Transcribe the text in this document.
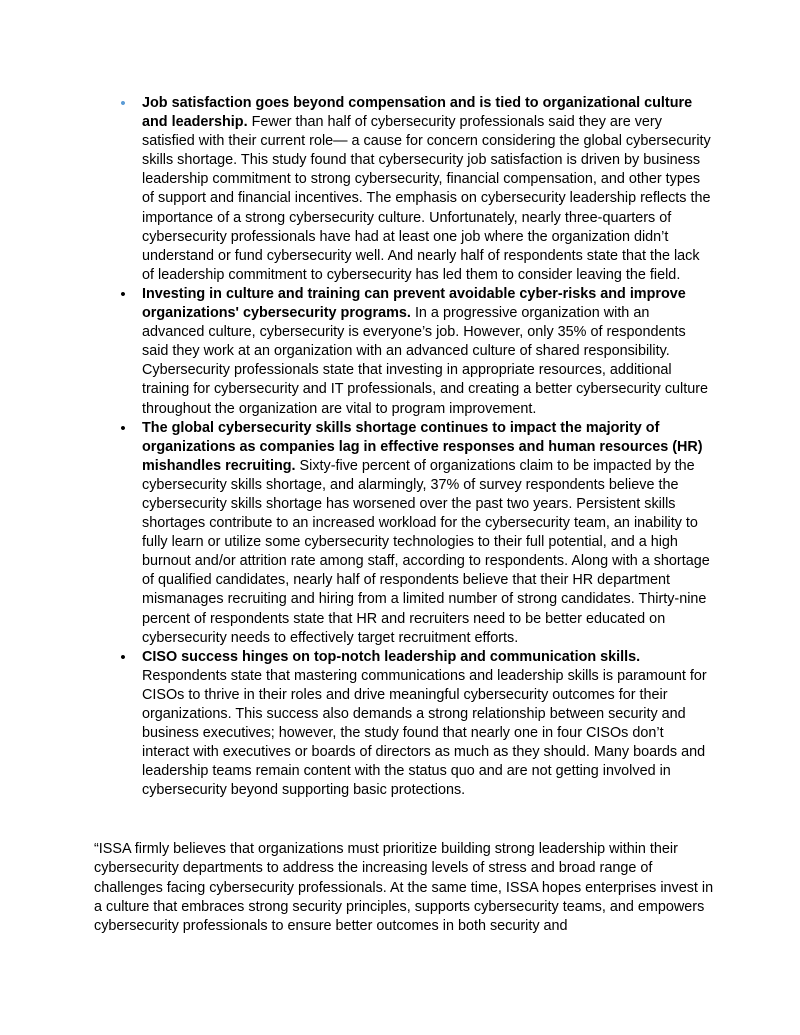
• Job satisfaction goes beyond compensation and is tied to organizational culture and leadership. Fewer than half of cybersecurity professionals said they are very satisfied with their current role— a cause for concern considering the global cybersecurity skills shortage. This study found that cybersecurity job satisfaction is driven by business leadership commitment to strong cybersecurity, financial compensation, and other types of support and financial incentives. The emphasis on cybersecurity leadership reflects the importance of a strong cybersecurity culture. Unfortunately, nearly three-quarters of cybersecurity professionals have had at least one job where the organization didn’t understand or fund cybersecurity well. And nearly half of respondents state that the lack of leadership commitment to cybersecurity has led them to consider leaving the field.
• Investing in culture and training can prevent avoidable cyber-risks and improve organizations' cybersecurity programs. In a progressive organization with an advanced culture, cybersecurity is everyone’s job. However, only 35% of respondents said they work at an organization with an advanced culture of shared responsibility. Cybersecurity professionals state that investing in appropriate resources, additional training for cybersecurity and IT professionals, and creating a better cybersecurity culture throughout the organization are vital to program improvement.
• The global cybersecurity skills shortage continues to impact the majority of organizations as companies lag in effective responses and human resources (HR) mishandles recruiting. Sixty-five percent of organizations claim to be impacted by the cybersecurity skills shortage, and alarmingly, 37% of survey respondents believe the cybersecurity skills shortage has worsened over the past two years. Persistent skills shortages contribute to an increased workload for the cybersecurity team, an inability to fully learn or utilize some cybersecurity technologies to their full potential, and a high burnout and/or attrition rate among staff, according to respondents. Along with a shortage of qualified candidates, nearly half of respondents believe that their HR department mismanages recruiting and hiring from a limited number of strong candidates. Thirty-nine percent of respondents state that HR and recruiters need to be better educated on cybersecurity needs to effectively target recruitment efforts.
• CISO success hinges on top-notch leadership and communication skills. Respondents state that mastering communications and leadership skills is paramount for CISOs to thrive in their roles and drive meaningful cybersecurity outcomes for their organizations. This success also demands a strong relationship between security and business executives; however, the study found that nearly one in four CISOs don’t interact with executives or boards of directors as much as they should. Many boards and leadership teams remain content with the status quo and are not getting involved in cybersecurity beyond supporting basic protections.

“ISSA firmly believes that organizations must prioritize building strong leadership within their cybersecurity departments to address the increasing levels of stress and broad range of challenges facing cybersecurity professionals. At the same time, ISSA hopes enterprises invest in a culture that embraces strong security principles, supports cybersecurity teams, and empowers cybersecurity professionals to ensure better outcomes in both security and
